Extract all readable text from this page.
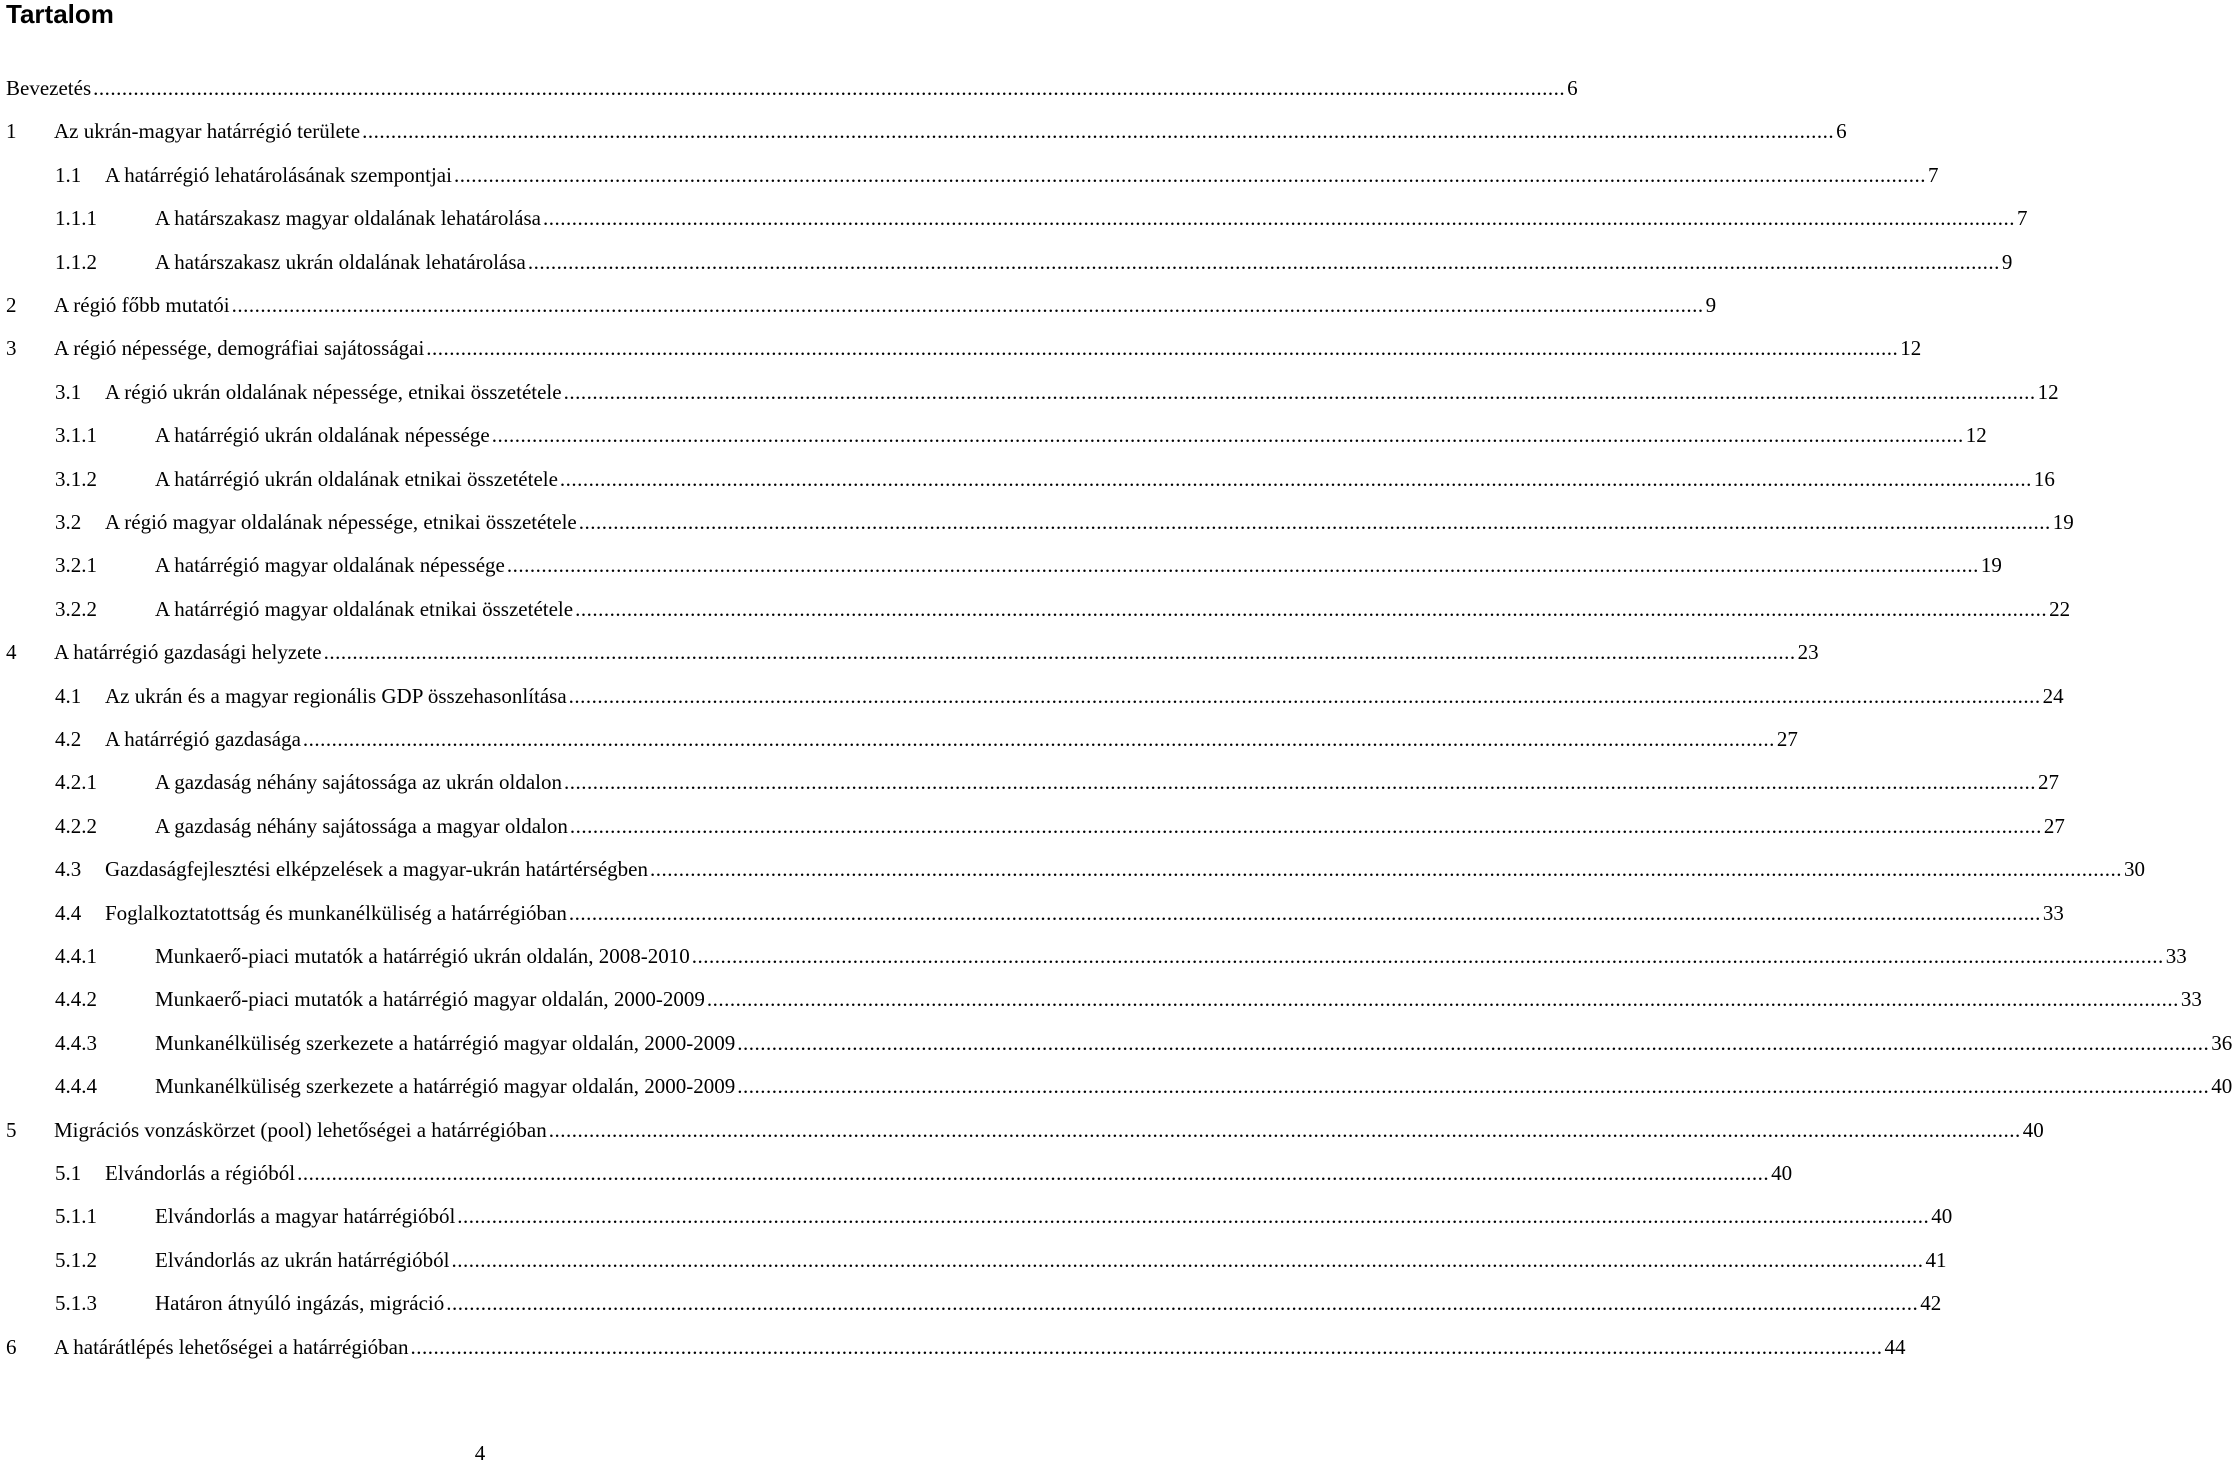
Tartalom
Bevezetés .....	6
1	Az ukrán-magyar határrégió területe .....	6
1.1	A határrégió lehatárolásának szempontjai .....	7
1.1.1	A határszakasz magyar oldalának lehatárolása .....	7
1.1.2	A határszakasz ukrán oldalának lehatárolása .....	9
2	A régió főbb mutatói .....	9
3	A régió népessége, demográfiai sajátosságai .....	12
3.1	A régió ukrán oldalának népessége, etnikai összetétele .....	12
3.1.1	A határrégió ukrán oldalának népessége .....	12
3.1.2	A határrégió ukrán oldalának etnikai összetétele .....	16
3.2	A régió magyar oldalának népessége, etnikai összetétele .....	19
3.2.1	A határrégió magyar oldalának népessége .....	19
3.2.2	A határrégió magyar oldalának etnikai összetétele .....	22
4	A határrégió gazdasági helyzete .....	23
4.1	Az ukrán és a magyar regionális GDP összehasonlítása .....	24
4.2	A határrégió gazdasága .....	27
4.2.1	A gazdaság néhány sajátossága az ukrán oldalon .....	27
4.2.2	A gazdaság néhány sajátossága a magyar oldalon .....	27
4.3	Gazdaságfejlesztési elképzelések a magyar-ukrán határtérségben .....	30
4.4	Foglalkoztatottság és munkanélküliség a határrégióban .....	33
4.4.1	Munkaerő-piaci mutatók a határrégió ukrán oldalán, 2008-2010 .....	33
4.4.2	Munkaerő-piaci mutatók a határrégió magyar oldalán, 2000-2009 .....	33
4.4.3	Munkanélküliség szerkezete a határrégió magyar oldalán, 2000-2009 .....	36
4.4.4	Munkanélküliség szerkezete a határrégió magyar oldalán, 2000-2009 .....	40
5	Migrációs vonzáskörzet (pool) lehetőségei a határrégióban .....	40
5.1	Elvándorlás a régióból .....	40
5.1.1	Elvándorlás a magyar határrégióból .....	40
5.1.2	Elvándorlás az ukrán határrégióból .....	41
5.1.3	Határon átnyúló ingázás, migráció .....	42
6	A határátlépés lehetőségei a határrégióban .....	44
4
